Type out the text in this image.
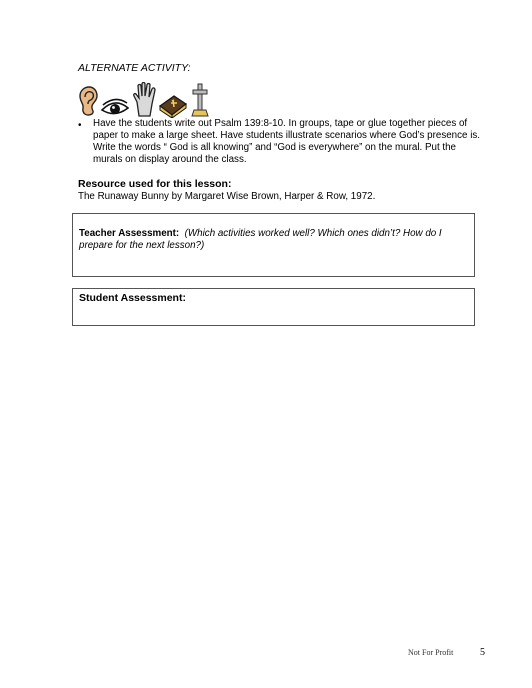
ALTERNATE ACTIVITY:
• Have the students write out Psalm 139:8-10. In groups, tape or glue together pieces of paper to make a large sheet. Have students illustrate scenarios where God’s presence is. Write the words “ God is all knowing” and “God is everywhere” on the mural. Put the murals on display around the class.
Resource used for this lesson:
The Runaway Bunny by Margaret Wise Brown, Harper & Row, 1972.
Teacher Assessment: (Which activities worked well? Which ones didn’t? How do I prepare for the next lesson?)
Student Assessment:
Not For Profit	5
